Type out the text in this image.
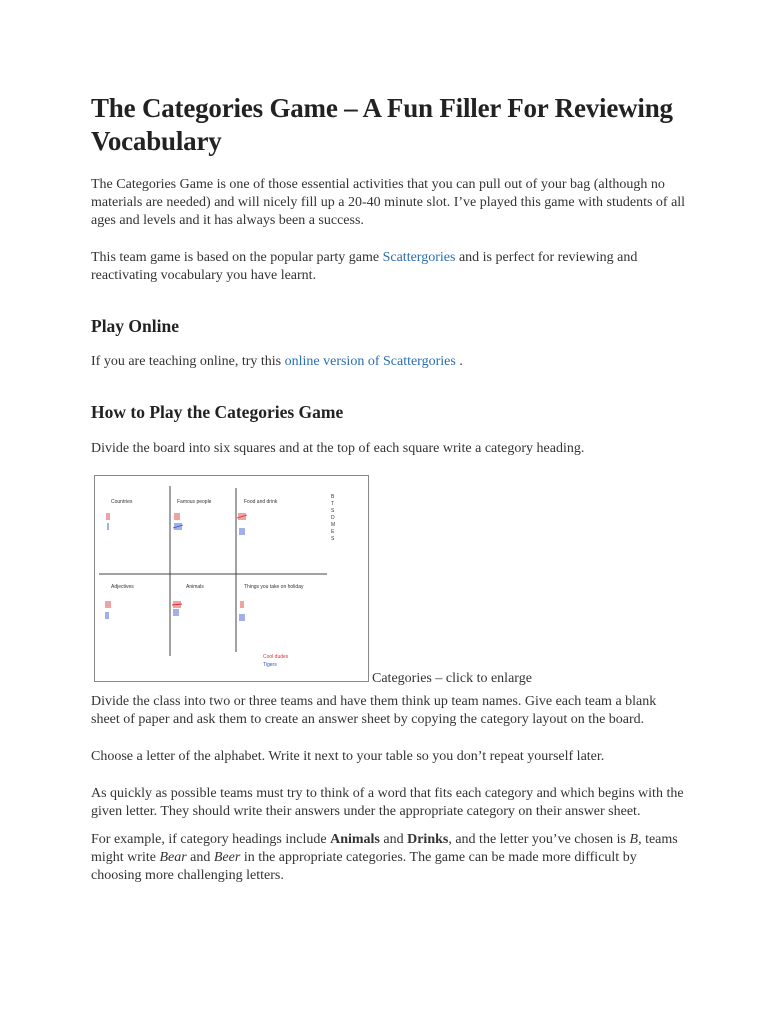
The Categories Game – A Fun Filler For Reviewing Vocabulary

The Categories Game is one of those essential activities that you can pull out of your bag (although no materials are needed) and will nicely fill up a 20-40 minute slot. I’ve played this game with students of all ages and levels and it has always been a success.

This team game is based on the popular party game Scattergories and is perfect for reviewing and reactivating vocabulary you have learnt.

Play Online

If you are teaching online, try this online version of Scattergories .

How to Play the Categories Game

Divide the board into six squares and at the top of each square write a category heading.

Countries	Famous people	Food and drink
Adjectives	Animals	Things you take on holiday
B
T
S
D
M
E
S
Cool dudes
Tigers
Categories – click to enlarge

Divide the class into two or three teams and have them think up team names. Give each team a blank sheet of paper and ask them to create an answer sheet by copying the category layout on the board.

Choose a letter of the alphabet. Write it next to your table so you don’t repeat yourself later.

As quickly as possible teams must try to think of a word that fits each category and which begins with the given letter. They should write their answers under the appropriate category on their answer sheet.

For example, if category headings include Animals and Drinks, and the letter you’ve chosen is B, teams might write Bear and Beer in the appropriate categories. The game can be made more difficult by choosing more challenging letters.
